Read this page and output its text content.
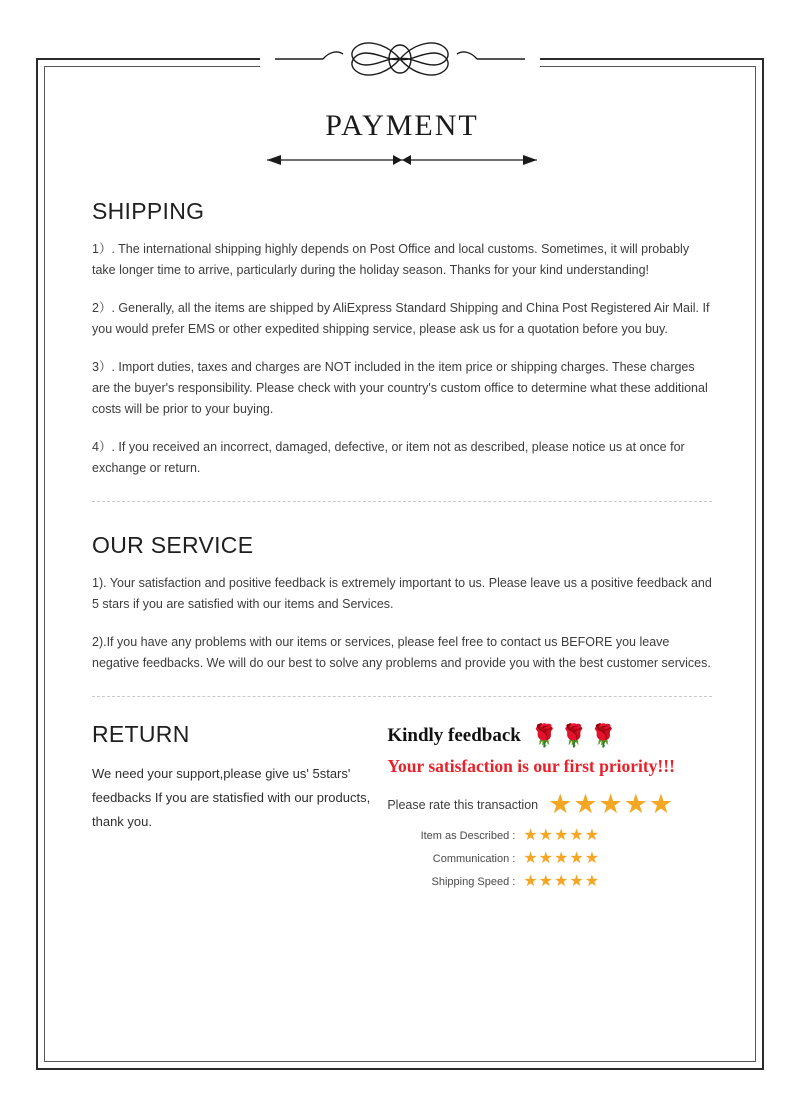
PAYMENT
SHIPPING

1）. The international shipping highly depends on Post Office and local customs. Sometimes, it will probably take longer time to arrive, particularly during the holiday season. Thanks for your kind understanding!

2）. Generally, all the items are shipped by AliExpress Standard Shipping and China Post Registered Air Mail. If you would prefer EMS or other expedited shipping service, please ask us for a quotation before you buy.

3）. Import duties, taxes and charges are NOT included in the item price or shipping charges. These charges are the buyer's responsibility. Please check with your country's custom office to determine what these additional costs will be prior to your buying.

4）. If you received an incorrect, damaged, defective, or item not as described, please notice us at once for exchange or return.

OUR SERVICE

1). Your satisfaction and positive feedback is extremely important to us. Please leave us a positive feedback and 5 stars if you are satisfied with our items and Services.

2).If you have any problems with our items or services, please feel free to contact us BEFORE you leave negative feedbacks. We will do our best to solve any problems and provide you with the best customer services.

RETURN

We need your support,please give us' 5stars' feedbacks If you are statisfied with our products, thank you.

Kindly feedback 🌹 🌹 🌹
Your satisfaction is our first priority!!!
Please rate this transaction ★★★★★
Item as Described : ★★★★★
Communication : ★★★★★
Shipping Speed : ★★★★★
